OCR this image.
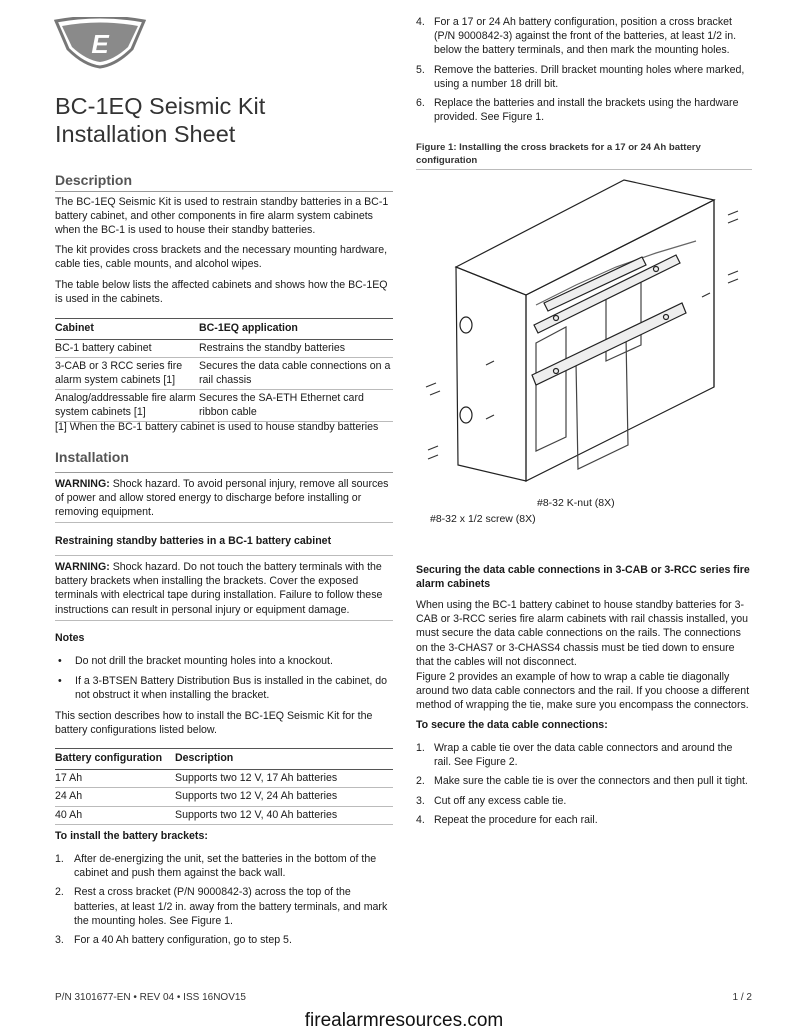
E
BC-1EQ Seismic Kit Installation Sheet
Description

The BC-1EQ Seismic Kit is used to restrain standby batteries in a BC-1 battery cabinet, and other components in fire alarm system cabinets when the BC-1 is used to house their standby batteries.

The kit provides cross brackets and the necessary mounting hardware, cable ties, cable mounts, and alcohol wipes.

The table below lists the affected cabinets and shows how the BC-1EQ is used in the cabinets.

Cabinet	BC-1EQ application
BC-1 battery cabinet	Restrains the standby batteries
3-CAB or 3 RCC series fire alarm system cabinets [1]	Secures the data cable connections on a rail chassis
Analog/addressable fire alarm system cabinets [1]	Secures the SA-ETH Ethernet card ribbon cable

[1] When the BC-1 battery cabinet is used to house standby batteries

Installation

WARNING: Shock hazard. To avoid personal injury, remove all sources of power and allow stored energy to discharge before installing or removing equipment.

Restraining standby batteries in a BC-1 battery cabinet

WARNING: Shock hazard. Do not touch the battery terminals with the battery brackets when installing the brackets. Cover the exposed terminals with electrical tape during installation. Failure to follow these instructions can result in personal injury or equipment damage.

Notes

• Do not drill the bracket mounting holes into a knockout.
• If a 3-BTSEN Battery Distribution Bus is installed in the cabinet, do not obstruct it when installing the bracket.

This section describes how to install the BC-1EQ Seismic Kit for the battery configurations listed below.

Battery configuration	Description
17 Ah	Supports two 12 V, 17 Ah batteries
24 Ah	Supports two 12 V, 24 Ah batteries
40 Ah	Supports two 12 V, 40 Ah batteries

To install the battery brackets:

1. After de-energizing the unit, set the batteries in the bottom of the cabinet and push them against the back wall.
2. Rest a cross bracket (P/N 9000842-3) across the top of the batteries, at least 1/2 in. away from the battery terminals, and mark the mounting holes. See Figure 1.
3. For a 40 Ah battery configuration, go to step 5.
4. For a 17 or 24 Ah battery configuration, position a cross bracket (P/N 9000842-3) against the front of the batteries, at least 1/2 in. below the battery terminals, and then mark the mounting holes.
5. Remove the batteries. Drill bracket mounting holes where marked, using a number 18 drill bit.
6. Replace the batteries and install the brackets using the hardware provided. See Figure 1.

Figure 1: Installing the cross brackets for a 17 or 24 Ah battery configuration

#8-32 K-nut (8X)
#8-32 x 1/2 screw (8X)

Securing the data cable connections in 3-CAB or 3-RCC series fire alarm cabinets

When using the BC-1 battery cabinet to house standby batteries for 3-CAB or 3-RCC series fire alarm cabinets with rail chassis installed, you must secure the data cable connections on the rails. The connections on the 3-CHAS7 or 3-CHASS4 chassis must be tied down to ensure that the cables will not disconnect.

Figure 2 provides an example of how to wrap a cable tie diagonally around two data cable connectors and the rail. If you choose a different method of wrapping the tie, make sure you encompass the connectors.

To secure the data cable connections:

1. Wrap a cable tie over the data cable connectors and around the rail. See Figure 2.
2. Make sure the cable tie is over the connectors and then pull it tight.
3. Cut off any excess cable tie.
4. Repeat the procedure for each rail.
P/N 3101677-EN • REV 04 • ISS 16NOV15	1 / 2
firealarmresources.com
